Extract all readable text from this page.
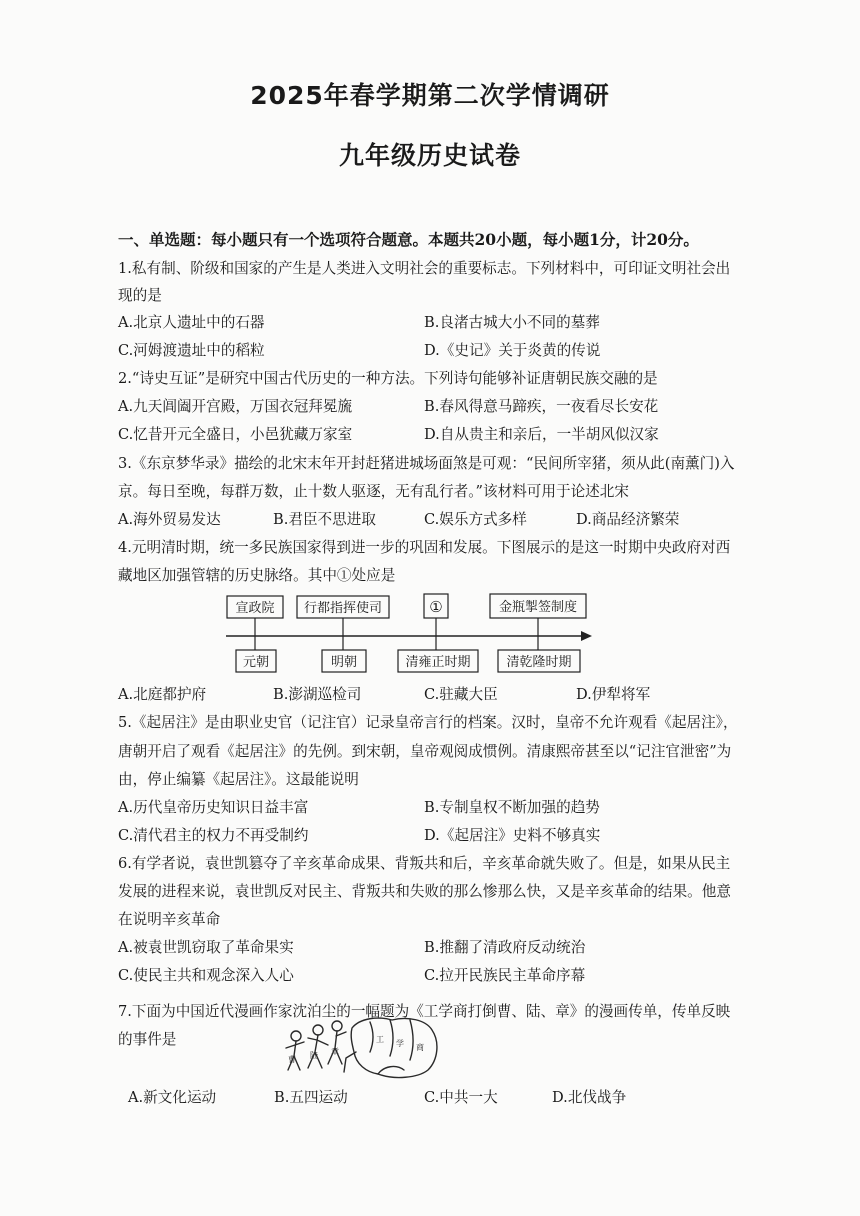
2025年春学期第二次学情调研
九年级历史试卷
一、单选题：每小题只有一个选项符合题意。本题共20小题，每小题1分，计20分。
1.私有制、阶级和国家的产生是人类进入文明社会的重要标志。下列材料中，可印证文明社会出
现的是
A.北京人遗址中的石器	B.良渚古城大小不同的墓葬
C.河姆渡遗址中的稻粒	D.《史记》关于炎黄的传说
2.“诗史互证”是研究中国古代历史的一种方法。下列诗句能够补证唐朝民族交融的是
A.九天阊阖开宫殿，万国衣冠拜冕旒	B.春风得意马蹄疾，一夜看尽长安花
C.忆昔开元全盛日，小邑犹藏万家室	D.自从贵主和亲后，一半胡风似汉家
3.《东京梦华录》描绘的北宋末年开封赶猪进城场面煞是可观：“民间所宰猪，须从此(南薰门)入
京。每日至晚，每群万数，止十数人驱逐，无有乱行者。”该材料可用于论述北宋
A.海外贸易发达	B.君臣不思进取	C.娱乐方式多样	D.商品经济繁荣
4.元明清时期，统一多民族国家得到进一步的巩固和发展。下图展示的是这一时期中央政府对西
藏地区加强管辖的历史脉络。其中①处应是
宣政院 行都指挥使司	①	金瓶掣签制度
元朝	明朝	清雍正时期	清乾隆时期
A.北庭都护府	B.澎湖巡检司	C.驻藏大臣	D.伊犁将军
5.《起居注》是由职业史官（记注官）记录皇帝言行的档案。汉时，皇帝不允许观看《起居注》，
唐朝开启了观看《起居注》的先例。到宋朝，皇帝观阅成惯例。清康熙帝甚至以“记注官泄密”为
由，停止编纂《起居注》。这最能说明
A.历代皇帝历史知识日益丰富	B.专制皇权不断加强的趋势
C.清代君主的权力不再受制约	D.《起居注》史料不够真实
6.有学者说，袁世凯篡夺了辛亥革命成果、背叛共和后，辛亥革命就失败了。但是，如果从民主
发展的进程来说，袁世凯反对民主、背叛共和失败的那么惨那么快，又是辛亥革命的结果。他意
在说明辛亥革命
A.被袁世凯窃取了革命果实	B.推翻了清政府反动统治
C.使民主共和观念深入人心	C.拉开民族民主革命序幕
7.下面为中国近代漫画作家沈泊尘的一幅题为《工学商打倒曹、陆、章》的漫画传单，传单反映
的事件是
曹 陆 章
工 学 商
A.新文化运动	B.五四运动	C.中共一大	D.北伐战争
